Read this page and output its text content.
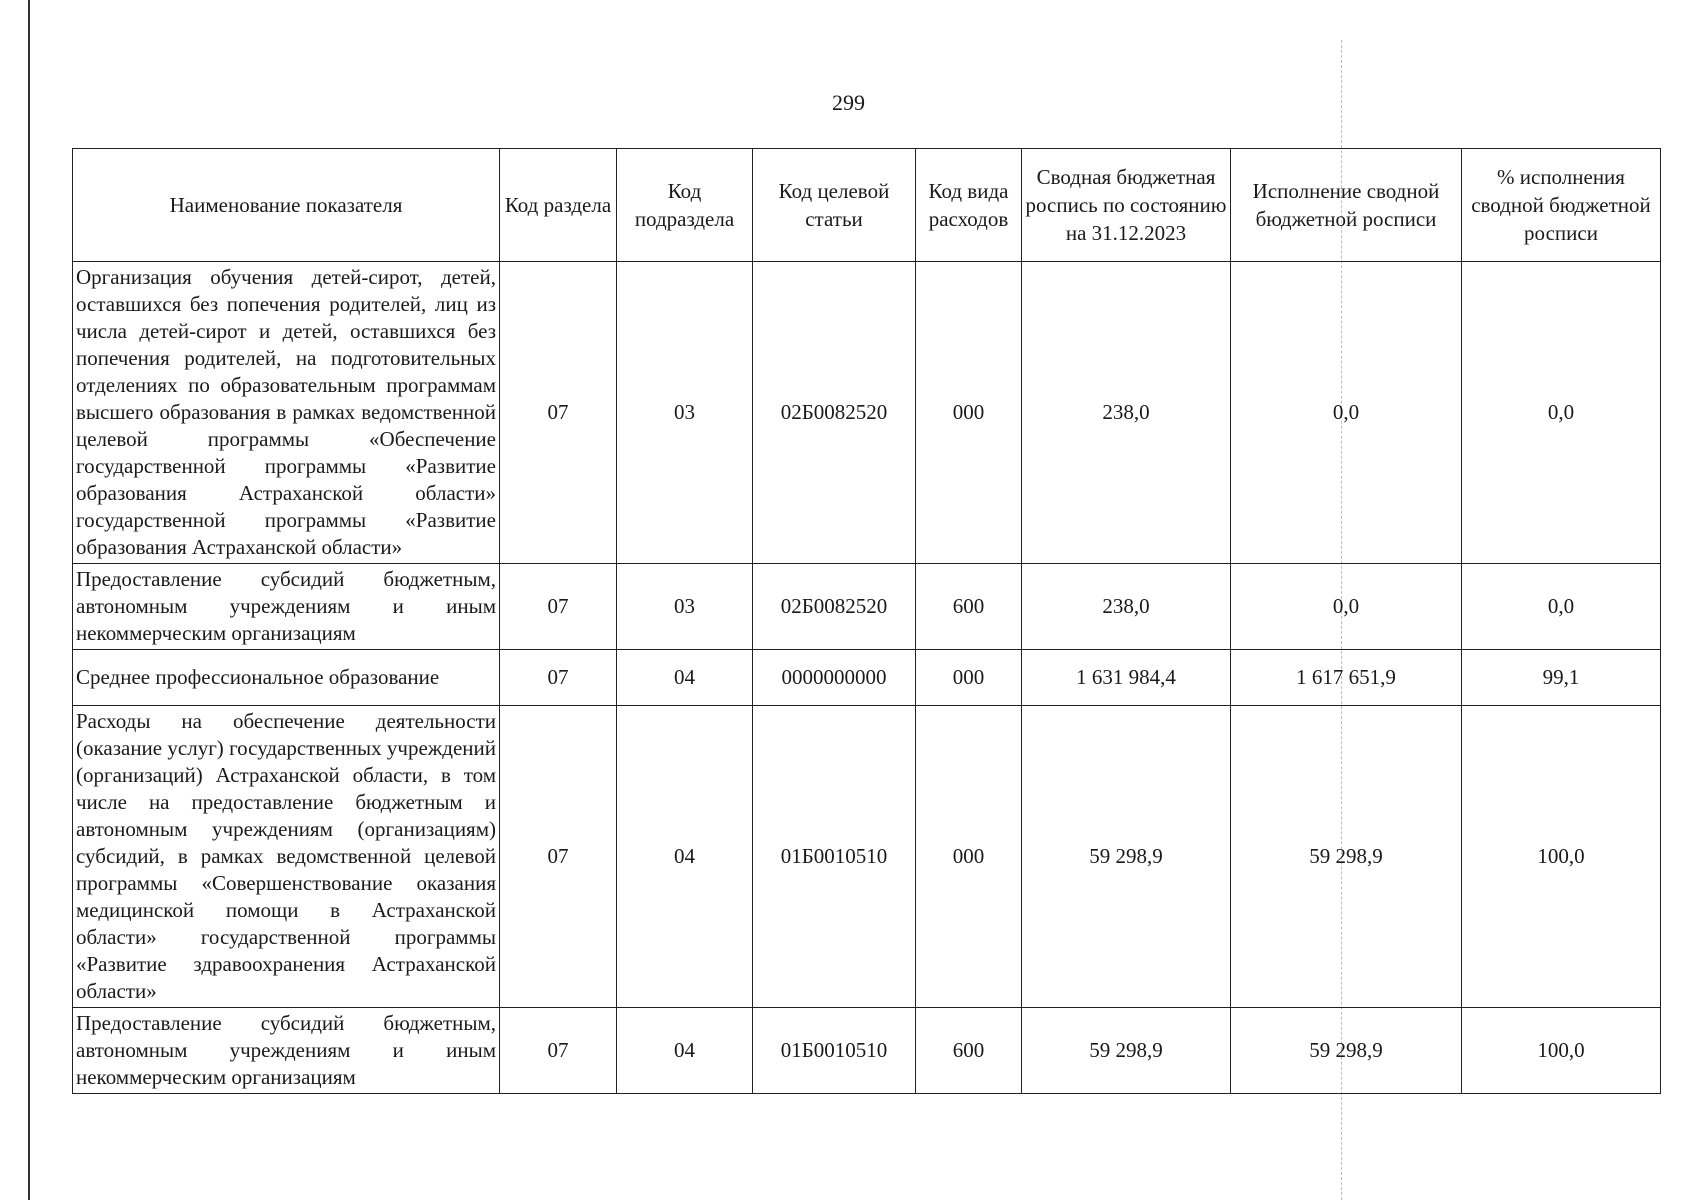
299
Наименование показателя	Код раздела	Код подраздела	Код целевой статьи	Код вида расходов	Сводная бюджетная роспись по состоянию на 31.12.2023	Исполнение сводной бюджетной росписи	% исполнения сводной бюджетной росписи
Организация обучения детей-сирот, детей, оставшихся без попечения родителей, лиц из числа детей-сирот и детей, оставшихся без попечения родителей, на подготовительных отделениях по образовательным программам высшего образования в рамках ведомственной целевой программы «Обеспечение государственной программы «Развитие образования Астраханской области» государственной программы «Развитие образования Астраханской области»	07	03	02Б0082520	000	238,0	0,0	0,0
Предоставление субсидий бюджетным, автономным учреждениям и иным некоммерческим организациям	07	03	02Б0082520	600	238,0	0,0	0,0
Среднее профессиональное образование	07	04	0000000000	000	1 631 984,4	1 617 651,9	99,1
Расходы на обеспечение деятельности (оказание услуг) государственных учреждений (организаций) Астраханской области, в том числе на предоставление бюджетным и автономным учреждениям (организациям) субсидий, в рамках ведомственной целевой программы «Совершенствование оказания медицинской помощи в Астраханской области» государственной программы «Развитие здравоохранения Астраханской области»	07	04	01Б0010510	000	59 298,9	59 298,9	100,0
Предоставление субсидий бюджетным, автономным учреждениям и иным некоммерческим организациям	07	04	01Б0010510	600	59 298,9	59 298,9	100,0
